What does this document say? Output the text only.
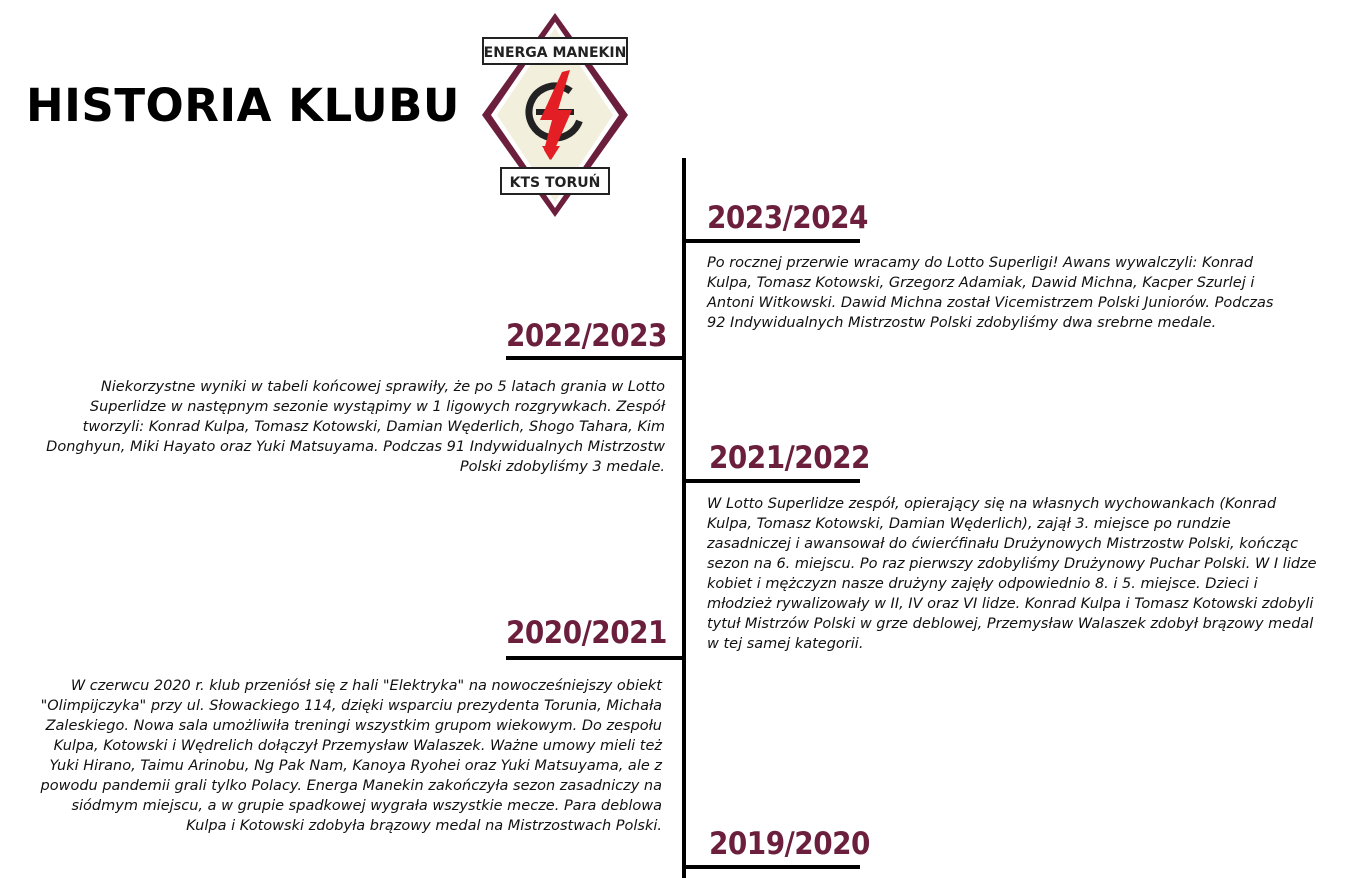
HISTORIA KLUBU
ENERGA MANEKIN
KTS TORUŃ
2023/2024

Po rocznej przerwie wracamy do Lotto Superligi! Awans wywalczyli: Konrad Kulpa, Tomasz Kotowski, Grzegorz Adamiak, Dawid Michna, Kacper Szurlej i Antoni Witkowski. Dawid Michna został Vicemistrzem Polski Juniorów. Podczas 92 Indywidualnych Mistrzostw Polski zdobyliśmy dwa srebrne medale.

2022/2023

Niekorzystne wyniki w tabeli końcowej sprawiły, że po 5 latach grania w Lotto Superlidze w następnym sezonie wystąpimy w 1 ligowych rozgrywkach. Zespół tworzyli: Konrad Kulpa, Tomasz Kotowski, Damian Węderlich, Shogo Tahara, Kim Donghyun, Miki Hayato oraz Yuki Matsuyama. Podczas 91 Indywidualnych Mistrzostw Polski zdobyliśmy 3 medale. 2021/2022

W Lotto Superlidze zespół, opierający się na własnych wychowankach (Konrad Kulpa, Tomasz Kotowski, Damian Węderlich), zajął 3. miejsce po rundzie zasadniczej i awansował do ćwierćfinału Drużynowych Mistrzostw Polski, kończąc sezon na 6. miejscu. Po raz pierwszy zdobyliśmy Drużynowy Puchar Polski. W I lidze kobiet i mężczyzn nasze drużyny zajęły odpowiednio 8. i 5. miejsce. Dzieci i młodzież rywalizowały w II, IV oraz VI lidze. Konrad Kulpa i Tomasz Kotowski zdobyli tytuł Mistrzów Polski w grze deblowej, Przemysław Walaszek zdobył brązowy medal w tej samej kategorii.

2020/2021

W czerwcu 2020 r. klub przeniósł się z hali "Elektryka" na nowocześniejszy obiekt "Olimpijczyka" przy ul. Słowackiego 114, dzięki wsparciu prezydenta Torunia, Michała Zaleskiego. Nowa sala umożliwiła treningi wszystkim grupom wiekowym. Do zespołu Kulpa, Kotowski i Wędrelich dołączył Przemysław Walaszek. Ważne umowy mieli też Yuki Hirano, Taimu Arinobu, Ng Pak Nam, Kanoya Ryohei oraz Yuki Matsuyama, ale z powodu pandemii grali tylko Polacy. Energa Manekin zakończyła sezon zasadniczy na siódmym miejscu, a w grupie spadkowej wygrała wszystkie mecze. Para deblowa Kulpa i Kotowski zdobyła brązowy medal na Mistrzostwach Polski. 2019/2020
